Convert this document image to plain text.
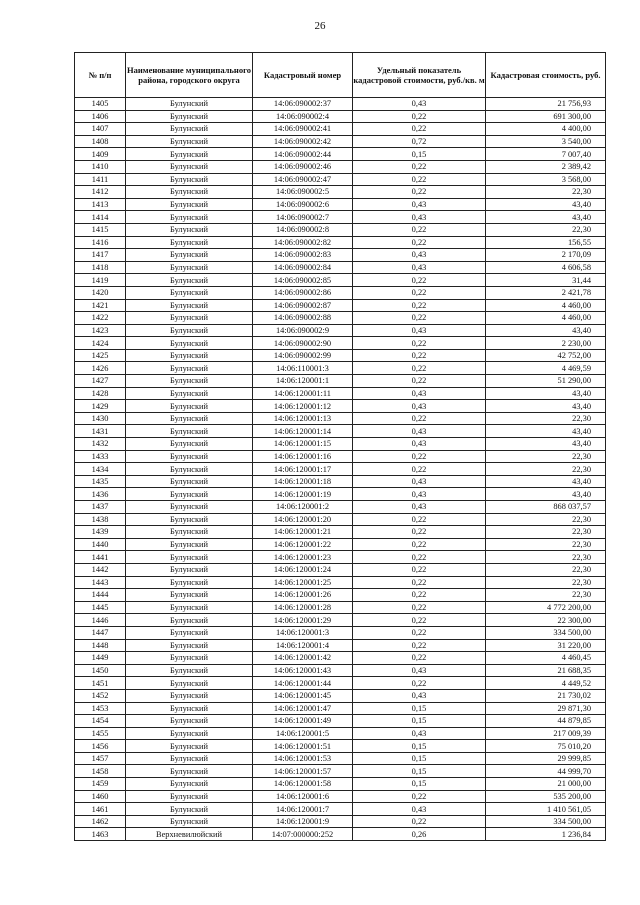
26
№ п/п	Наименование муниципального района, городского округа	Кадастровый номер	Удельный показатель кадастровой стоимости, руб./кв. м	Кадастровая стоимость, руб.
1405	Булунский	14:06:090002:37	0,43	21 756,93
1406	Булунский	14:06:090002:4	0,22	691 300,00
1407	Булунский	14:06:090002:41	0,22	4 400,00
1408	Булунский	14:06:090002:42	0,72	3 540,00
1409	Булунский	14:06:090002:44	0,15	7 007,40
1410	Булунский	14:06:090002:46	0,22	2 389,42
1411	Булунский	14:06:090002:47	0,22	3 568,00
1412	Булунский	14:06:090002:5	0,22	22,30
1413	Булунский	14:06:090002:6	0,43	43,40
1414	Булунский	14:06:090002:7	0,43	43,40
1415	Булунский	14:06:090002:8	0,22	22,30
1416	Булунский	14:06:090002:82	0,22	156,55
1417	Булунский	14:06:090002:83	0,43	2 170,09
1418	Булунский	14:06:090002:84	0,43	4 606,58
1419	Булунский	14:06:090002:85	0,22	31,44
1420	Булунский	14:06:090002:86	0,22	2 421,78
1421	Булунский	14:06:090002:87	0,22	4 460,00
1422	Булунский	14:06:090002:88	0,22	4 460,00
1423	Булунский	14:06:090002:9	0,43	43,40
1424	Булунский	14:06:090002:90	0,22	2 230,00
1425	Булунский	14:06:090002:99	0,22	42 752,00
1426	Булунский	14:06:110001:3	0,22	4 469,59
1427	Булунский	14:06:120001:1	0,22	51 290,00
1428	Булунский	14:06:120001:11	0,43	43,40
1429	Булунский	14:06:120001:12	0,43	43,40
1430	Булунский	14:06:120001:13	0,22	22,30
1431	Булунский	14:06:120001:14	0,43	43,40
1432	Булунский	14:06:120001:15	0,43	43,40
1433	Булунский	14:06:120001:16	0,22	22,30
1434	Булунский	14:06:120001:17	0,22	22,30
1435	Булунский	14:06:120001:18	0,43	43,40
1436	Булунский	14:06:120001:19	0,43	43,40
1437	Булунский	14:06:120001:2	0,43	868 037,57
1438	Булунский	14:06:120001:20	0,22	22,30
1439	Булунский	14:06:120001:21	0,22	22,30
1440	Булунский	14:06:120001:22	0,22	22,30
1441	Булунский	14:06:120001:23	0,22	22,30
1442	Булунский	14:06:120001:24	0,22	22,30
1443	Булунский	14:06:120001:25	0,22	22,30
1444	Булунский	14:06:120001:26	0,22	22,30
1445	Булунский	14:06:120001:28	0,22	4 772 200,00
1446	Булунский	14:06:120001:29	0,22	22 300,00
1447	Булунский	14:06:120001:3	0,22	334 500,00
1448	Булунский	14:06:120001:4	0,22	31 220,00
1449	Булунский	14:06:120001:42	0,22	4 460,45
1450	Булунский	14:06:120001:43	0,43	21 688,35
1451	Булунский	14:06:120001:44	0,22	4 449,52
1452	Булунский	14:06:120001:45	0,43	21 730,02
1453	Булунский	14:06:120001:47	0,15	29 871,30
1454	Булунский	14:06:120001:49	0,15	44 879,85
1455	Булунский	14:06:120001:5	0,43	217 009,39
1456	Булунский	14:06:120001:51	0,15	75 010,20
1457	Булунский	14:06:120001:53	0,15	29 999,85
1458	Булунский	14:06:120001:57	0,15	44 999,70
1459	Булунский	14:06:120001:58	0,15	21 000,00
1460	Булунский	14:06:120001:6	0,22	535 200,00
1461	Булунский	14:06:120001:7	0,43	1 410 561,05
1462	Булунский	14:06:120001:9	0,22	334 500,00
1463	Верхневилюйский	14:07:000000:252	0,26	1 236,84
